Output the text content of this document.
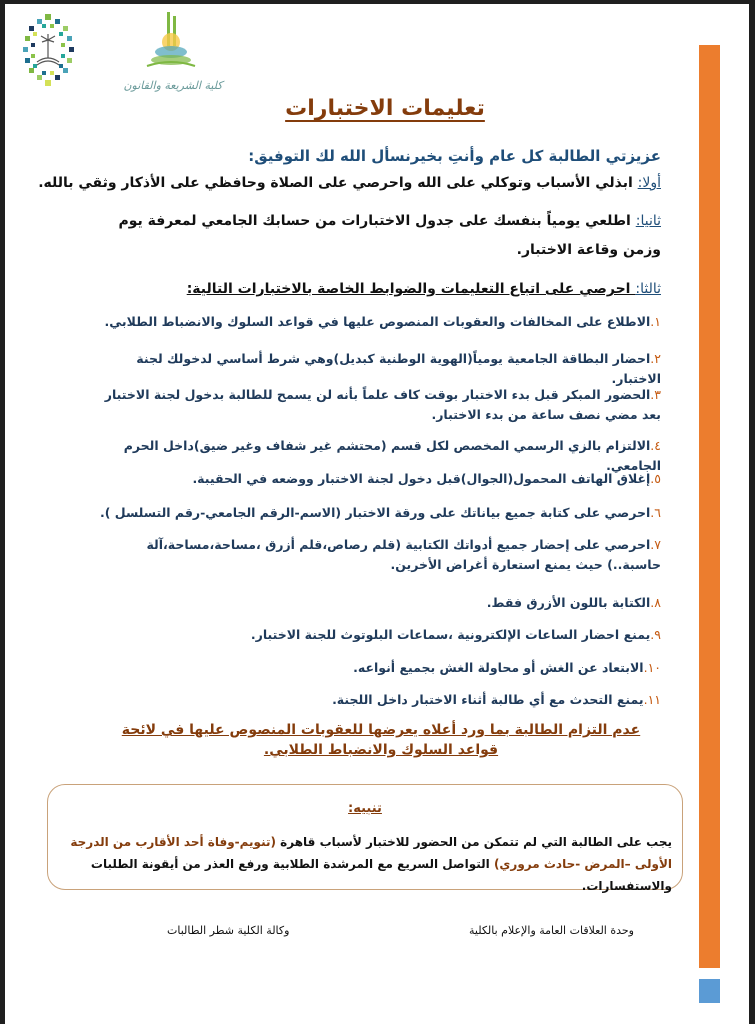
كلية الشريعة والقانون
تعليمات الاختبارات
عزيزتي الطالبة كل عام وأنتِ بخيرنسأل الله لك التوفيق:
أولا: ابذلي الأسباب وتوكلي على الله واحرصي على الصلاة وحافظي على الأذكار وثقي بالله.
ثانيا: اطلعي يومياً بنفسك على جدول الاختبارات من حسابك الجامعي لمعرفة يوم وزمن وقاعة الاختبار.
ثالثا: احرصي على اتباع التعليمات والضوابط الخاصة بالاختبارات التالية:
١.الاطلاع على المخالفات والعقوبات المنصوص عليها في قواعد السلوك والانضباط الطلابي.
٢.احضار البطاقة الجامعية يومياً(الهوية الوطنية كبديل)وهي شرط أساسي لدخولك لجنة الاختبار.
٣.الحضور المبكر قبل بدء الاختبار بوقت كاف علماً بأنه لن يسمح للطالبة بدخول لجنة الاختبار بعد مضي نصف ساعة من بدء الاختبار.
٤.الالتزام بالزي الرسمي المخصص لكل قسم (محتشم غير شفاف وغير ضيق)داخل الحرم الجامعي.
٥.إغلاق الهاتف المحمول(الجوال)قبل دخول لجنة الاختبار ووضعه في الحقيبة.
٦.احرصي على كتابة جميع بياناتك على ورقة الاختبار (الاسم-الرقم الجامعي-رقم التسلسل ).
٧.احرصي على إحضار جميع أدواتك الكتابية (قلم رصاص،قلم أزرق ،مساحة،مساحة،آلة حاسبة..) حيث يمنع استعارة أغراض الأخرين.
٨.الكتابة باللون الأزرق فقط.
٩.يمنع احضار الساعات الإلكترونية ،سماعات البلوتوث للجنة الاختبار.
١٠.الابتعاد عن الغش أو محاولة الغش بجميع أنواعه.
١١.يمنع التحدث مع أي طالبة أثناء الاختبار داخل اللجنة.
عدم التزام الطالبة بما ورد أعلاه يعرضها للعقوبات المنصوص عليها في لائحة قواعد السلوك والانضباط الطلابي.
تنبيه:
يجب على الطالبة التي لم تتمكن من الحضور للاختبار لأسباب قاهرة (تنويم-وفاة أحد الأقارب من الدرجة الأولى –المرض -حادث مروري) التواصل السريع مع المرشدة الطلابية ورفع العذر من أيقونة الطلبات والاستفسارات.
وحدة العلاقات العامة والإعلام بالكلية
وكالة الكلية شطر الطالبات
